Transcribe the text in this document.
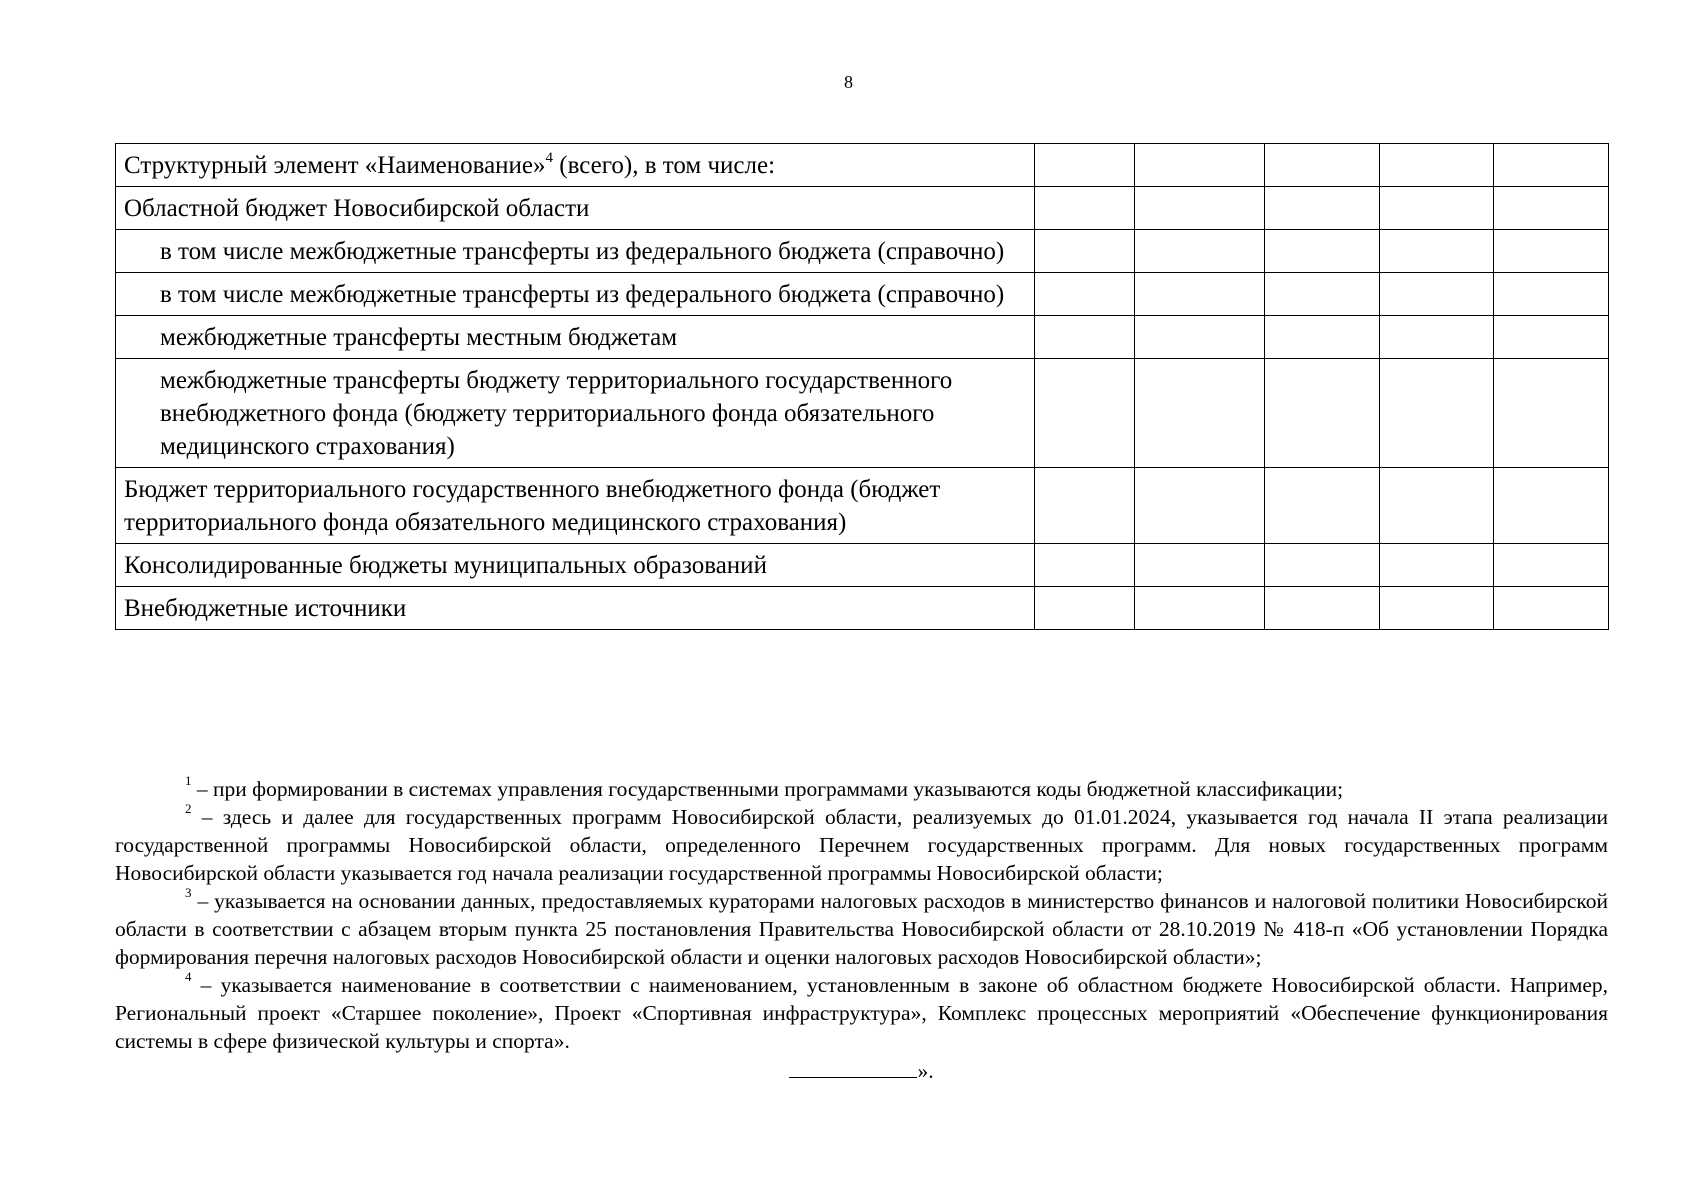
8
Структурный элемент «Наименование»$^4$ (всего), в том числе:					
Областной бюджет Новосибирской области					
в том числе межбюджетные трансферты из федерального бюджета (справочно)					
в том числе межбюджетные трансферты из федерального бюджета (справочно)					
межбюджетные трансферты местным бюджетам					
межбюджетные трансферты бюджету территориального государственного внебюджетного фонда (бюджету территориального фонда обязательного медицинского страхования)					
Бюджет территориального государственного внебюджетного фонда (бюджет территориального фонда обязательного медицинского страхования)					
Консолидированные бюджеты муниципальных образований					
Внебюджетные источники					

$^1$ – при формировании в системах управления государственными программами указываются коды бюджетной классификации;

$^2$ – здесь и далее для государственных программ Новосибирской области, реализуемых до 01.01.2024, указывается год начала II этапа реализации государственной программы Новосибирской области, определенного Перечнем государственных программ. Для новых государственных программ Новосибирской области указывается год начала реализации государственной программы Новосибирской области;

$^3$ – указывается на основании данных, предоставляемых кураторами налоговых расходов в министерство финансов и налоговой политики Новосибирской области в соответствии с абзацем вторым пункта 25 постановления Правительства Новосибирской области от 28.10.2019 № 418-п «Об установлении Порядка формирования перечня налоговых расходов Новосибирской области и оценки налоговых расходов Новосибирской области»;

$^4$ – указывается наименование в соответствии с наименованием, установленным в законе об областном бюджете Новосибирской области. Например, Региональный проект «Старшее поколение», Проект «Спортивная инфраструктура», Комплекс процессных мероприятий «Обеспечение функционирования системы в сфере физической культуры и спорта».

».
